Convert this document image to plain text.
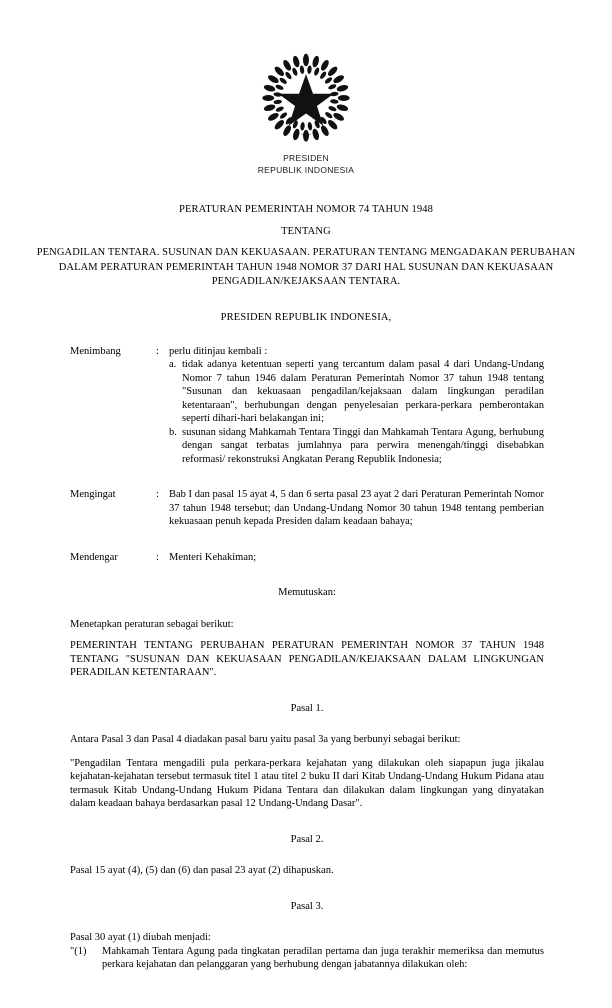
PRESIDEN
REPUBLIK INDONESIA
PERATURAN PEMERINTAH NOMOR 74 TAHUN 1948
TENTANG
PENGADILAN TENTARA. SUSUNAN DAN KEKUASAAN. PERATURAN TENTANG MENGADAKAN PERUBAHAN DALAM PERATURAN PEMERINTAH TAHUN 1948 NOMOR 37 DARI HAL SUSUNAN DAN KEKUASAAN PENGADILAN/KEJAKSAAN TENTARA.
PRESIDEN REPUBLIK INDONESIA,
Menimbang	: perlu ditinjau kembali :
a. tidak adanya ketentuan seperti yang tercantum dalam pasal 4 dari Undang-Undang Nomor 7 tahun 1946 dalam Peraturan Pemerintah Nomor 37 tahun 1948 tentang "Susunan dan kekuasaan pengadilan/kejaksaan dalam lingkungan peradilan ketentaraan", berhubungan dengan penyelesaian perkara-perkara pemberontakan seperti dihari-hari belakangan ini;
b. susunan sidang Mahkamah Tentara Tinggi dan Mahkamah Tentara Agung, berhubung dengan sangat terbatas jumlahnya para perwira menengah/tinggi disebabkan reformasi/ rekonstruksi Angkatan Perang Republik Indonesia;
Mengingat	: Bab I dan pasal 15 ayat 4, 5 dan 6 serta pasal 23 ayat 2 dari Peraturan Pemerintah Nomor 37 tahun 1948 tersebut; dan Undang-Undang Nomor 30 tahun 1948 tentang pemberian kekuasaan penuh kepada Presiden dalam keadaan bahaya;
Mendengar	: Menteri Kehakiman;
Memutuskan:
Menetapkan peraturan sebagai berikut:
PEMERINTAH TENTANG PERUBAHAN PERATURAN PEMERINTAH NOMOR 37 TAHUN 1948 TENTANG "SUSUNAN DAN KEKUASAAN PENGADILAN/KEJAKSAAN DALAM LINGKUNGAN PERADILAN KETENTARAAN".
Pasal 1.
Antara Pasal 3 dan Pasal 4 diadakan pasal baru yaitu pasal 3a yang berbunyi sebagai berikut:
"Pengadilan Tentara mengadili pula perkara-perkara kejahatan yang dilakukan oleh siapapun juga jikalau kejahatan-kejahatan tersebut termasuk titel 1 atau titel 2 buku II dari Kitab Undang-Undang Hukum Pidana atau termasuk Kitab Undang-Undang Hukum Pidana Tentara dan dilakukan dalam lingkungan yang dinyatakan dalam keadaan bahaya berdasarkan pasal 12 Undang-Undang Dasar".
Pasal 2.
Pasal 15 ayat (4), (5) dan (6) dan pasal 23 ayat (2) dihapuskan.
Pasal 3.
Pasal 30 ayat (1) diubah menjadi:
"(1)	Mahkamah Tentara Agung pada tingkatan peradilan pertama dan juga terakhir memeriksa dan memutus perkara kejahatan dan pelanggaran yang berhubung dengan jabatannya dilakukan oleh:
